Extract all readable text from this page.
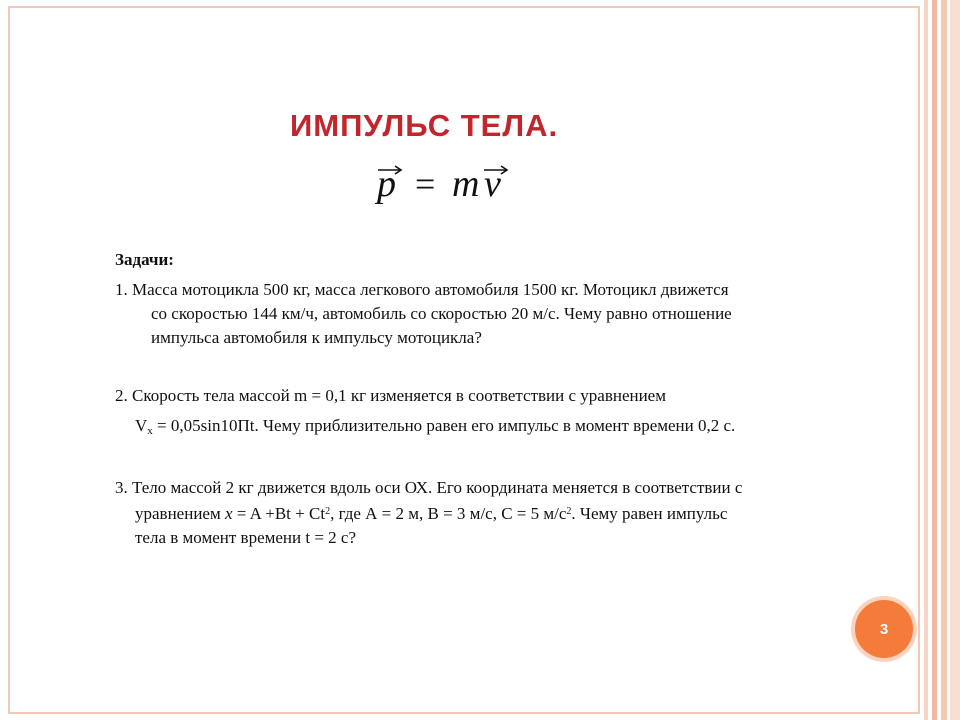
ИМПУЛЬС ТЕЛА.
p = m v
Задачи:
1. Масса мотоцикла 500 кг, масса легкового автомобиля 1500 кг. Мотоцикл движется
со скоростью 144 км/ч, автомобиль со скоростью 20 м/с. Чему равно отношение
импульса автомобиля к импульсу мотоцикла?
2. Скорость тела массой m = 0,1 кг изменяется в соответствии с уравнением
$V_x = 0,05\sin 10Пt$. Чему приблизительно равен его импульс в момент времени 0,2 с.
3. Тело массой 2 кг движется вдоль оси ОХ. Его координата меняется в соответствии с
уравнением $x = A +Bt + Ct^2$, где А = 2 м, В = 3 м/с, С = 5 $м/с^2$. Чему равен импульс
тела в момент времени t = 2 с?
3
